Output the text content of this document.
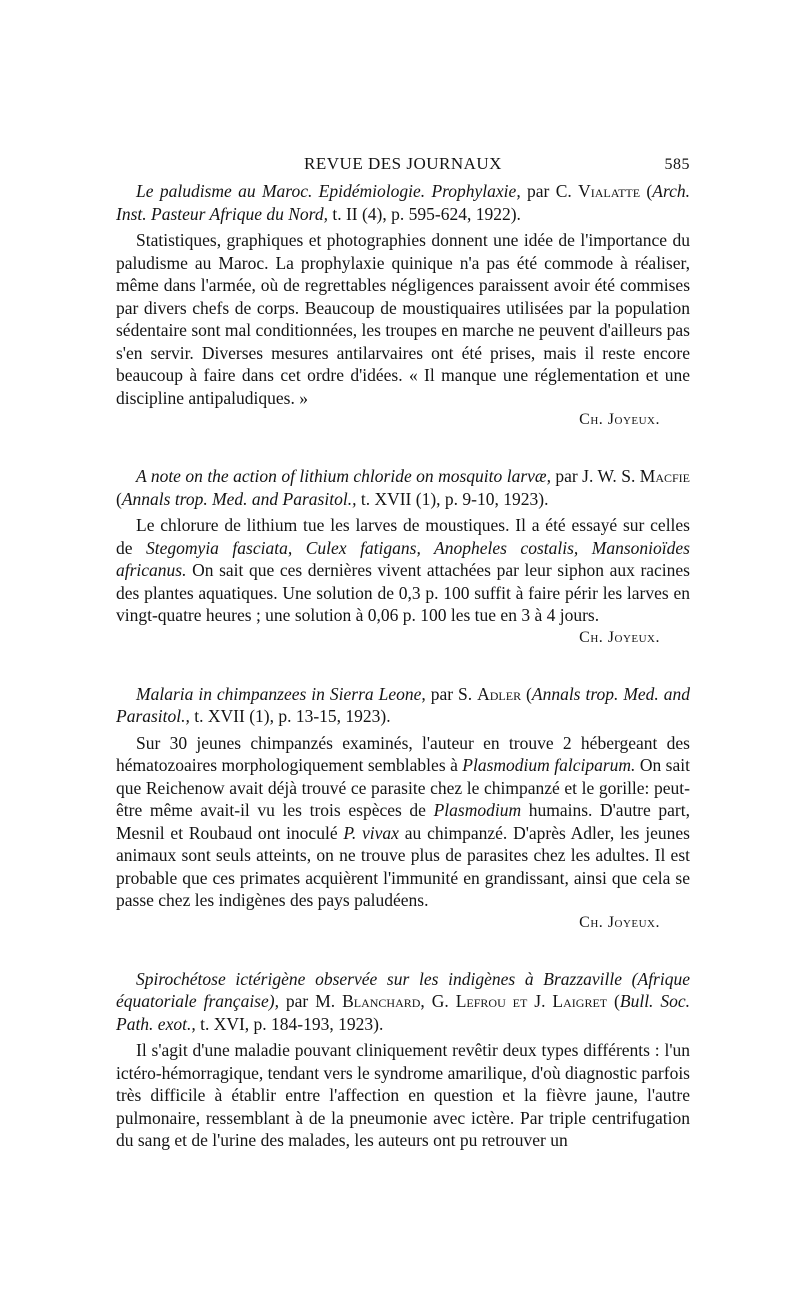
REVUE DES JOURNAUX	585

Le paludisme au Maroc. Epidémiologie. Prophylaxie, par C. Vialatte (Arch. Inst. Pasteur Afrique du Nord, t. II (4), p. 595-624, 1922).

Statistiques, graphiques et photographies donnent une idée de l'importance du paludisme au Maroc. La prophylaxie quinique n'a pas été commode à réaliser, même dans l'armée, où de regrettables négligences paraissent avoir été commises par divers chefs de corps. Beaucoup de moustiquaires utilisées par la population sédentaire sont mal conditionnées, les troupes en marche ne peuvent d'ailleurs pas s'en servir. Diverses mesures antilarvaires ont été prises, mais il reste encore beaucoup à faire dans cet ordre d'idées. « Il manque une réglementation et une discipline antipaludiques. »

Ch. Joyeux.

A note on the action of lithium chloride on mosquito larvæ, par J. W. S. Macfie (Annals trop. Med. and Parasitol., t. XVII (1), p. 9-10, 1923).

Le chlorure de lithium tue les larves de moustiques. Il a été essayé sur celles de Stegomyia fasciata, Culex fatigans, Anopheles costalis, Mansonioïdes africanus. On sait que ces dernières vivent attachées par leur siphon aux racines des plantes aquatiques. Une solution de 0,3 p. 100 suffit à faire périr les larves en vingt-quatre heures ; une solution à 0,06 p. 100 les tue en 3 à 4 jours.

Ch. Joyeux.

Malaria in chimpanzees in Sierra Leone, par S. Adler (Annals trop. Med. and Parasitol., t. XVII (1), p. 13-15, 1923).

Sur 30 jeunes chimpanzés examinés, l'auteur en trouve 2 hébergeant des hématozoaires morphologiquement semblables à Plasmodium falciparum. On sait que Reichenow avait déjà trouvé ce parasite chez le chimpanzé et le gorille: peut-être même avait-il vu les trois espèces de Plasmodium humains. D'autre part, Mesnil et Roubaud ont inoculé P. vivax au chimpanzé. D'après Adler, les jeunes animaux sont seuls atteints, on ne trouve plus de parasites chez les adultes. Il est probable que ces primates acquièrent l'immunité en grandissant, ainsi que cela se passe chez les indigènes des pays paludéens.

Ch. Joyeux.

Spirochétose ictérigène observée sur les indigènes à Brazzaville (Afrique équatoriale française), par M. Blanchard, G. Lefrou et J. Laigret (Bull. Soc. Path. exot., t. XVI, p. 184-193, 1923).

Il s'agit d'une maladie pouvant cliniquement revêtir deux types différents : l'un ictéro-hémorragique, tendant vers le syndrome amarilique, d'où diagnostic parfois très difficile à établir entre l'affection en question et la fièvre jaune, l'autre pulmonaire, ressemblant à de la pneumonie avec ictère. Par triple centrifugation du sang et de l'urine des malades, les auteurs ont pu retrouver un
